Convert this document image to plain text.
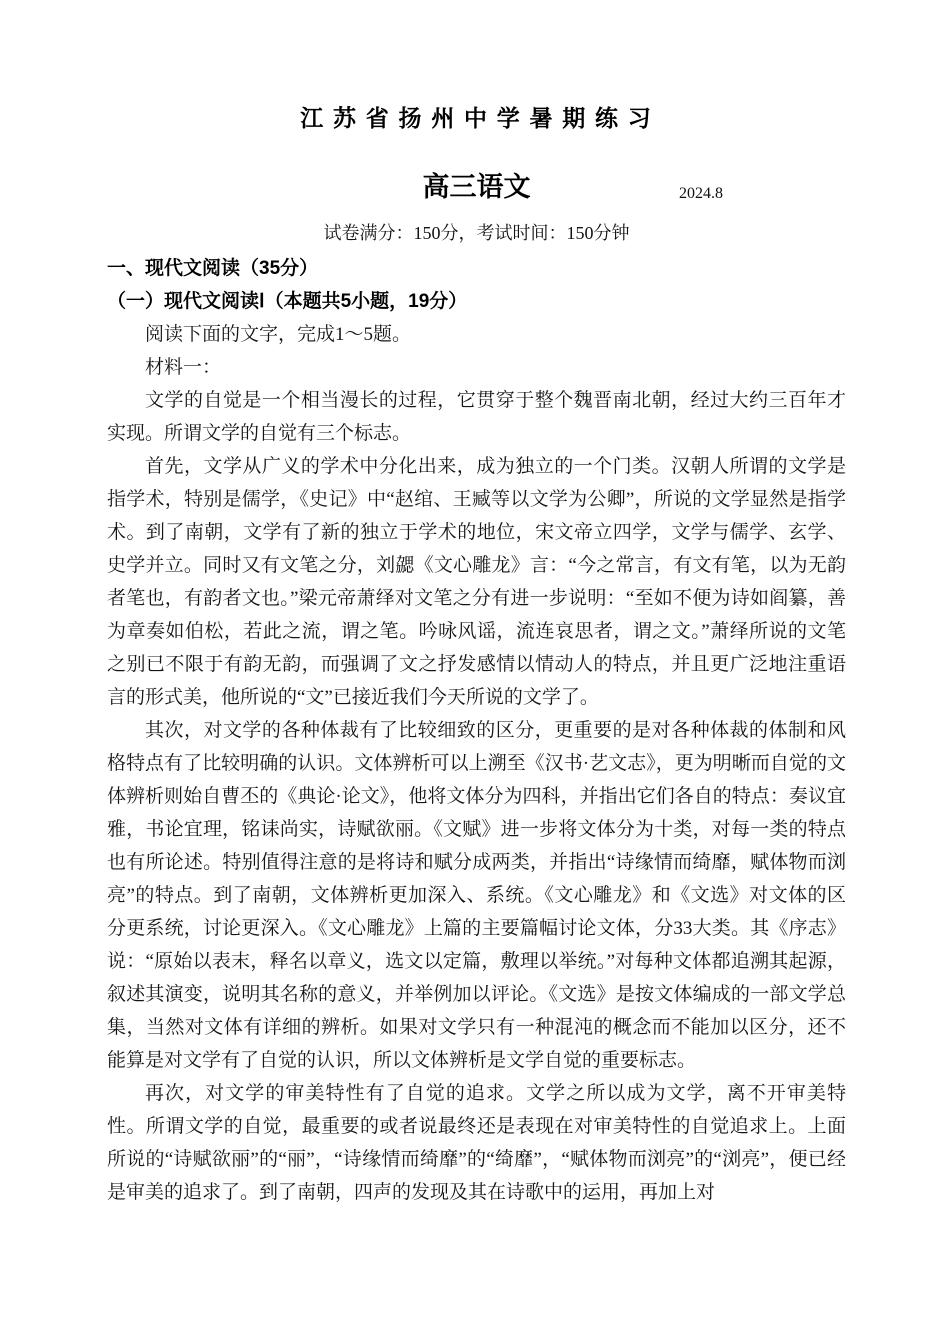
江 苏 省 扬 州 中 学 暑 期 练 习
高三语文	2024.8
试卷满分：150分，考试时间：150分钟
一、现代文阅读（35分）
（一）现代文阅读Ⅰ（本题共5小题，19分）

阅读下面的文字，完成1～5题。

材料一：

文学的自觉是一个相当漫长的过程，它贯穿于整个魏晋南北朝，经过大约三百年才实现。所谓文学的自觉有三个标志。

首先，文学从广义的学术中分化出来，成为独立的一个门类。汉朝人所谓的文学是指学术，特别是儒学，《史记》中“赵绾、王臧等以文学为公卿”，所说的文学显然是指学术。到了南朝，文学有了新的独立于学术的地位，宋文帝立四学，文学与儒学、玄学、史学并立。同时又有文笔之分，刘勰《文心雕龙》言：“今之常言，有文有笔，以为无韵者笔也，有韵者文也。”梁元帝萧绎对文笔之分有进一步说明：“至如不便为诗如阎纂，善为章奏如伯松，若此之流，谓之笔。吟咏风谣，流连哀思者，谓之文。”萧绎所说的文笔之别已不限于有韵无韵，而强调了文之抒发感情以情动人的特点，并且更广泛地注重语言的形式美，他所说的“文”已接近我们今天所说的文学了。

其次，对文学的各种体裁有了比较细致的区分，更重要的是对各种体裁的体制和风格特点有了比较明确的认识。文体辨析可以上溯至《汉书·艺文志》，更为明晰而自觉的文体辨析则始自曹丕的《典论·论文》，他将文体分为四科，并指出它们各自的特点：奏议宜雅，书论宜理，铭诔尚实，诗赋欲丽。《文赋》进一步将文体分为十类，对每一类的特点也有所论述。特别值得注意的是将诗和赋分成两类，并指出“诗缘情而绮靡，赋体物而浏亮”的特点。到了南朝，文体辨析更加深入、系统。《文心雕龙》和《文选》对文体的区分更系统，讨论更深入。《文心雕龙》上篇的主要篇幅讨论文体，分33大类。其《序志》说：“原始以表末，释名以章义，选文以定篇，敷理以举统。”对每种文体都追溯其起源，叙述其演变，说明其名称的意义，并举例加以评论。《文选》是按文体编成的一部文学总集，当然对文体有详细的辨析。如果对文学只有一种混沌的概念而不能加以区分，还不能算是对文学有了自觉的认识，所以文体辨析是文学自觉的重要标志。

再次，对文学的审美特性有了自觉的追求。文学之所以成为文学，离不开审美特性。所谓文学的自觉，最重要的或者说最终还是表现在对审美特性的自觉追求上。上面所说的“诗赋欲丽”的“丽”，“诗缘情而绮靡”的“绮靡”，“赋体物而浏亮”的“浏亮”，便已经是审美的追求了。到了南朝，四声的发现及其在诗歌中的运用，再加上对
